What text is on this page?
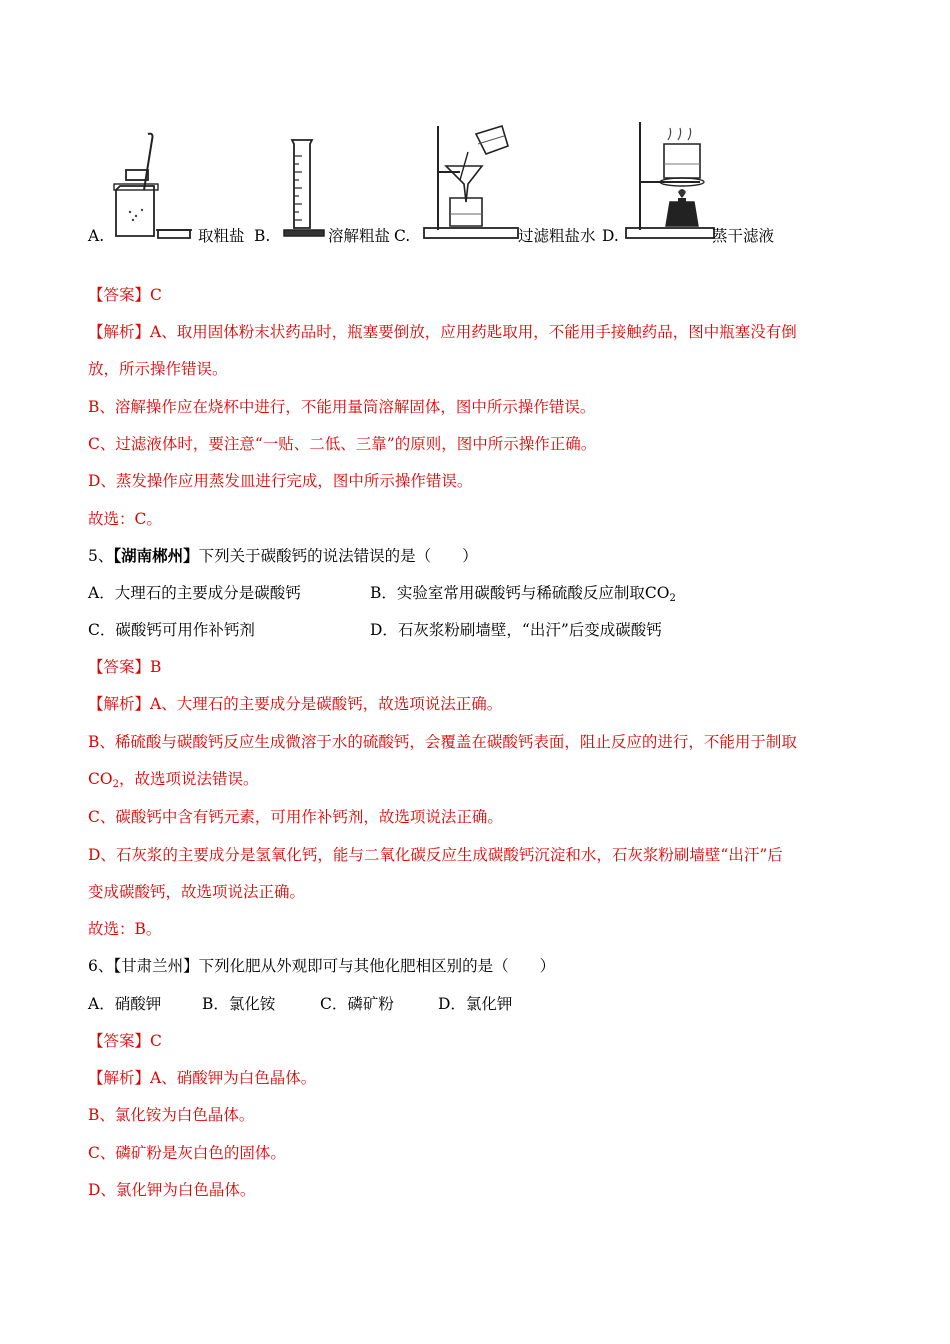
A.	取粗盐 B.	溶解粗盐 C.	过滤粗盐水 D.	蒸干滤液
【答案】C
【解析】A、取用固体粉末状药品时，瓶塞要倒放，应用药匙取用，不能用手接触药品，图中瓶塞没有倒
放，所示操作错误。
B、溶解操作应在烧杯中进行，不能用量筒溶解固体，图中所示操作错误。
C、过滤液体时，要注意“一贴、二低、三靠”的原则，图中所示操作正确。
D、蒸发操作应用蒸发皿进行完成，图中所示操作错误。
故选：C。
5、【湖南郴州】下列关于碳酸钙的说法错误的是（　　）
A．大理石的主要成分是碳酸钙	B．实验室常用碳酸钙与稀硫酸反应制取$CO_2$
C．碳酸钙可用作补钙剂	D．石灰浆粉刷墙壁，“出汗”后变成碳酸钙
【答案】B
【解析】A、大理石的主要成分是碳酸钙，故选项说法正确。
B、稀硫酸与碳酸钙反应生成微溶于水的硫酸钙，会覆盖在碳酸钙表面，阻止反应的进行，不能用于制取
$CO_2$，故选项说法错误。
C、碳酸钙中含有钙元素，可用作补钙剂，故选项说法正确。
D、石灰浆的主要成分是氢氧化钙，能与二氧化碳反应生成碳酸钙沉淀和水，石灰浆粉刷墙壁“出汗”后
变成碳酸钙，故选项说法正确。
故选：B。
6、【甘肃兰州】下列化肥从外观即可与其他化肥相区别的是（　　）
A．硝酸钾	B．氯化铵	C．磷矿粉	D．氯化钾
【答案】C
【解析】A、硝酸钾为白色晶体。
B、氯化铵为白色晶体。
C、磷矿粉是灰白色的固体。
D、氯化钾为白色晶体。
